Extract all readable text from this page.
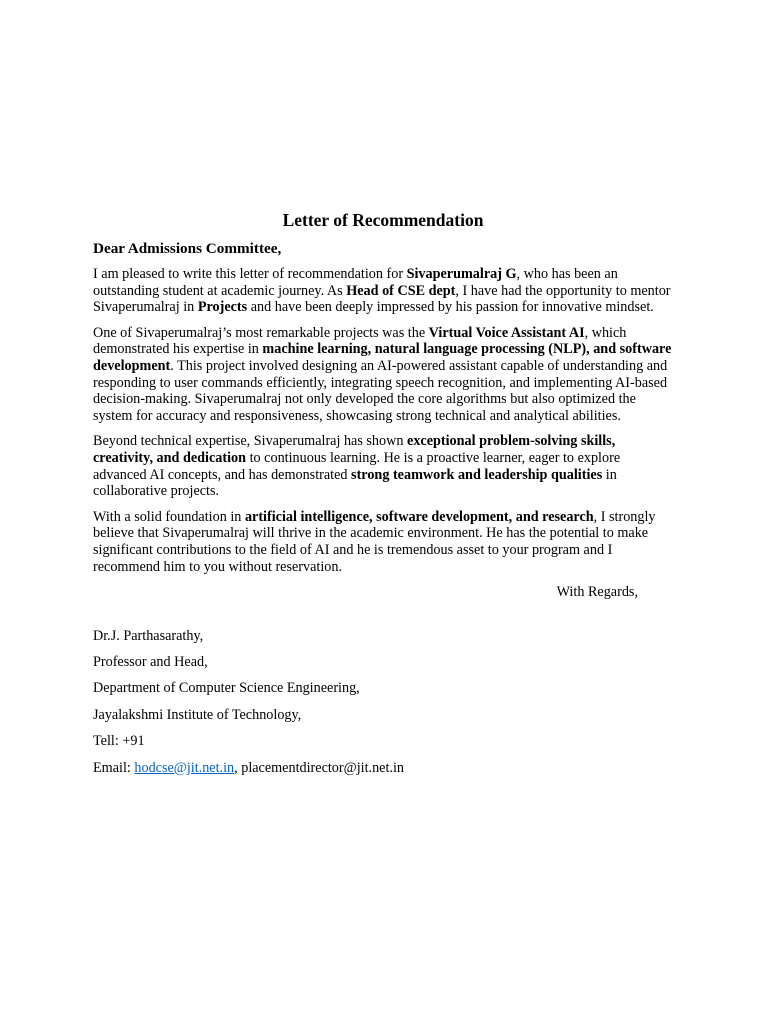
Letter of Recommendation
Dear Admissions Committee,

I am pleased to write this letter of recommendation for Sivaperumalraj G, who has been an outstanding student at academic journey. As Head of CSE dept, I have had the opportunity to mentor Sivaperumalraj in Projects and have been deeply impressed by his passion for innovative mindset.

One of Sivaperumalraj’s most remarkable projects was the Virtual Voice Assistant AI, which demonstrated his expertise in machine learning, natural language processing (NLP), and software development. This project involved designing an AI-powered assistant capable of understanding and responding to user commands efficiently, integrating speech recognition, and implementing AI-based decision-making. Sivaperumalraj not only developed the core algorithms but also optimized the system for accuracy and responsiveness, showcasing strong technical and analytical abilities.

Beyond technical expertise, Sivaperumalraj has shown exceptional problem-solving skills, creativity, and dedication to continuous learning. He is a proactive learner, eager to explore advanced AI concepts, and has demonstrated strong teamwork and leadership qualities in collaborative projects.

With a solid foundation in artificial intelligence, software development, and research, I strongly believe that Sivaperumalraj will thrive in the academic environment. He has the potential to make significant contributions to the field of AI and he is tremendous asset to your program and I recommend him to you without reservation.

With Regards,
Dr.J. Parthasarathy,
Professor and Head,
Department of Computer Science Engineering,
Jayalakshmi Institute of Technology,
Tell: +91
Email: hodcse@jit.net.in, placementdirector@jit.net.in
